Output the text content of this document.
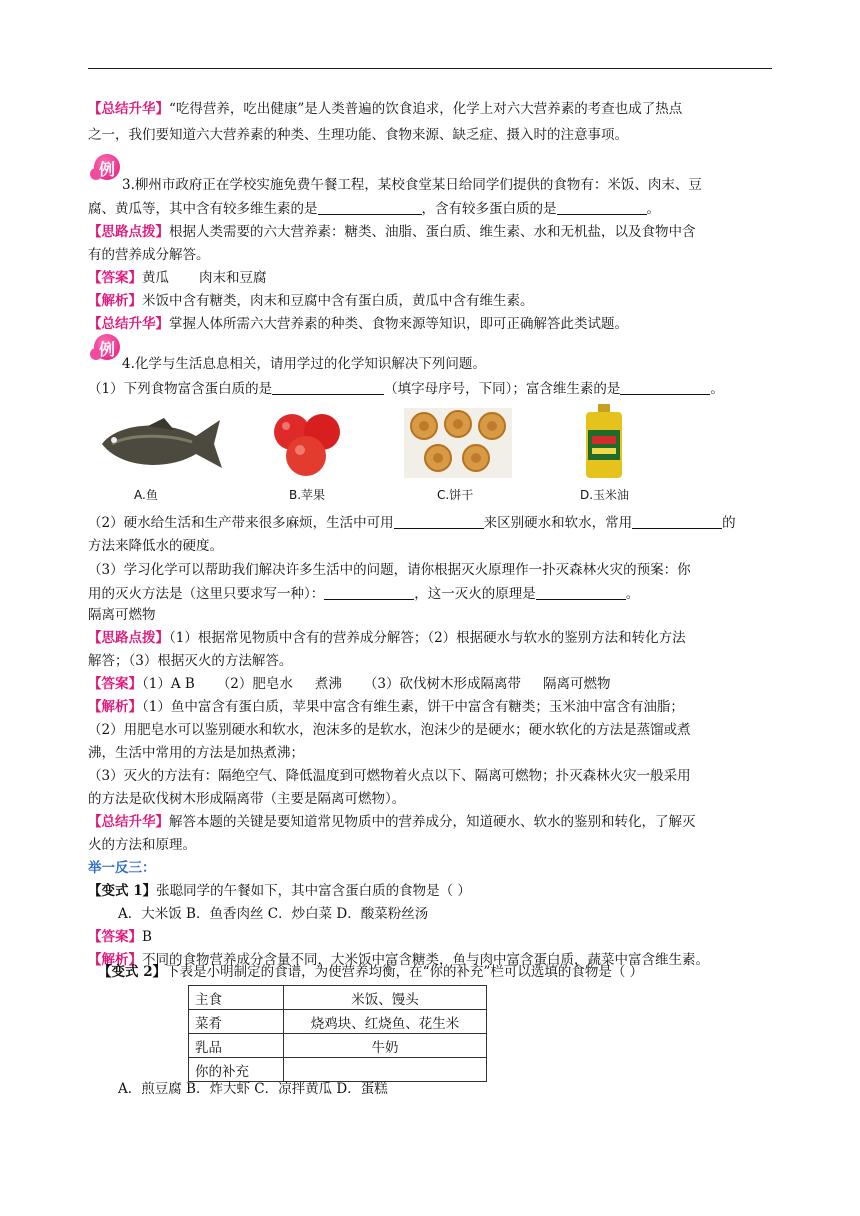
【总结升华】“吃得营养，吃出健康”是人类普遍的饮食追求，化学上对六大营养素的考查也成了热点
之一，我们要知道六大营养素的种类、生理功能、食物来源、缺乏症、摄入时的注意事项。
例
3.柳州市政府正在学校实施免费午餐工程，某校食堂某日给同学们提供的食物有：米饭、肉末、豆
腐、黄瓜等，其中含有较多维生素的是	，含有较多蛋白质的是	。
【思路点拨】根据人类需要的六大营养素：糖类、油脂、蛋白质、维生素、水和无机盐，以及食物中含
有的营养成分解答。
【答案】黄瓜 肉末和豆腐
【解析】米饭中含有糖类，肉末和豆腐中含有蛋白质，黄瓜中含有维生素。
【总结升华】掌握人体所需六大营养素的种类、食物来源等知识，即可正确解答此类试题。
例
4.化学与生活息息相关，请用学过的化学知识解决下列问题。
（1）下列食物富含蛋白质的是	（填字母序号，下同）；富含维生素的是	。
A.鱼	B.苹果	C.饼干	D.玉米油
（2）硬水给生活和生产带来很多麻烦，生活中可用	来区别硬水和软水，常用	的
方法来降低水的硬度。
（3）学习化学可以帮助我们解决许多生活中的问题，请你根据灭火原理作一扑灭森林火灾的预案：你
用的灭火方法是（这里只要求写一种）：	，这一灭火的原理是	。
隔离可燃物
【思路点拨】（1）根据常见物质中含有的营养成分解答；（2）根据硬水与软水的鉴别方法和转化方法
解答；（3）根据灭火的方法解答。
【答案】（1）A B （2）肥皂水 煮沸 （3）砍伐树木形成隔离带 隔离可燃物
【解析】（1）鱼中富含有蛋白质，苹果中富含有维生素，饼干中富含有糖类；玉米油中富含有油脂；
（2）用肥皂水可以鉴别硬水和软水，泡沫多的是软水，泡沫少的是硬水；硬水软化的方法是蒸馏或煮
沸，生活中常用的方法是加热煮沸；
（3）灭火的方法有：隔绝空气、降低温度到可燃物着火点以下、隔离可燃物；扑灭森林火灾一般采用
的方法是砍伐树木形成隔离带（主要是隔离可燃物）。
【总结升华】解答本题的关键是要知道常见物质中的营养成分，知道硬水、软水的鉴别和转化，了解灭
火的方法和原理。
举一反三：
【变式 1】张聪同学的午餐如下，其中富含蛋白质的食物是（ ）
A．大米饭 B．鱼香肉丝 C．炒白菜 D．酸菜粉丝汤
【答案】B
【解析】不同的食物营养成分含量不同，大米饭中富含糖类，鱼与肉中富含蛋白质，蔬菜中富含维生素。
【变式 2】下表是小明制定的食谱，为使营养均衡，在“你的补充”栏可以选填的食物是（ ）
主食	米饭、馒头
菜肴	烧鸡块、红烧鱼、花生米
乳品	牛奶
你的补充	
A．煎豆腐 B．炸大虾 C．凉拌黄瓜 D．蛋糕
